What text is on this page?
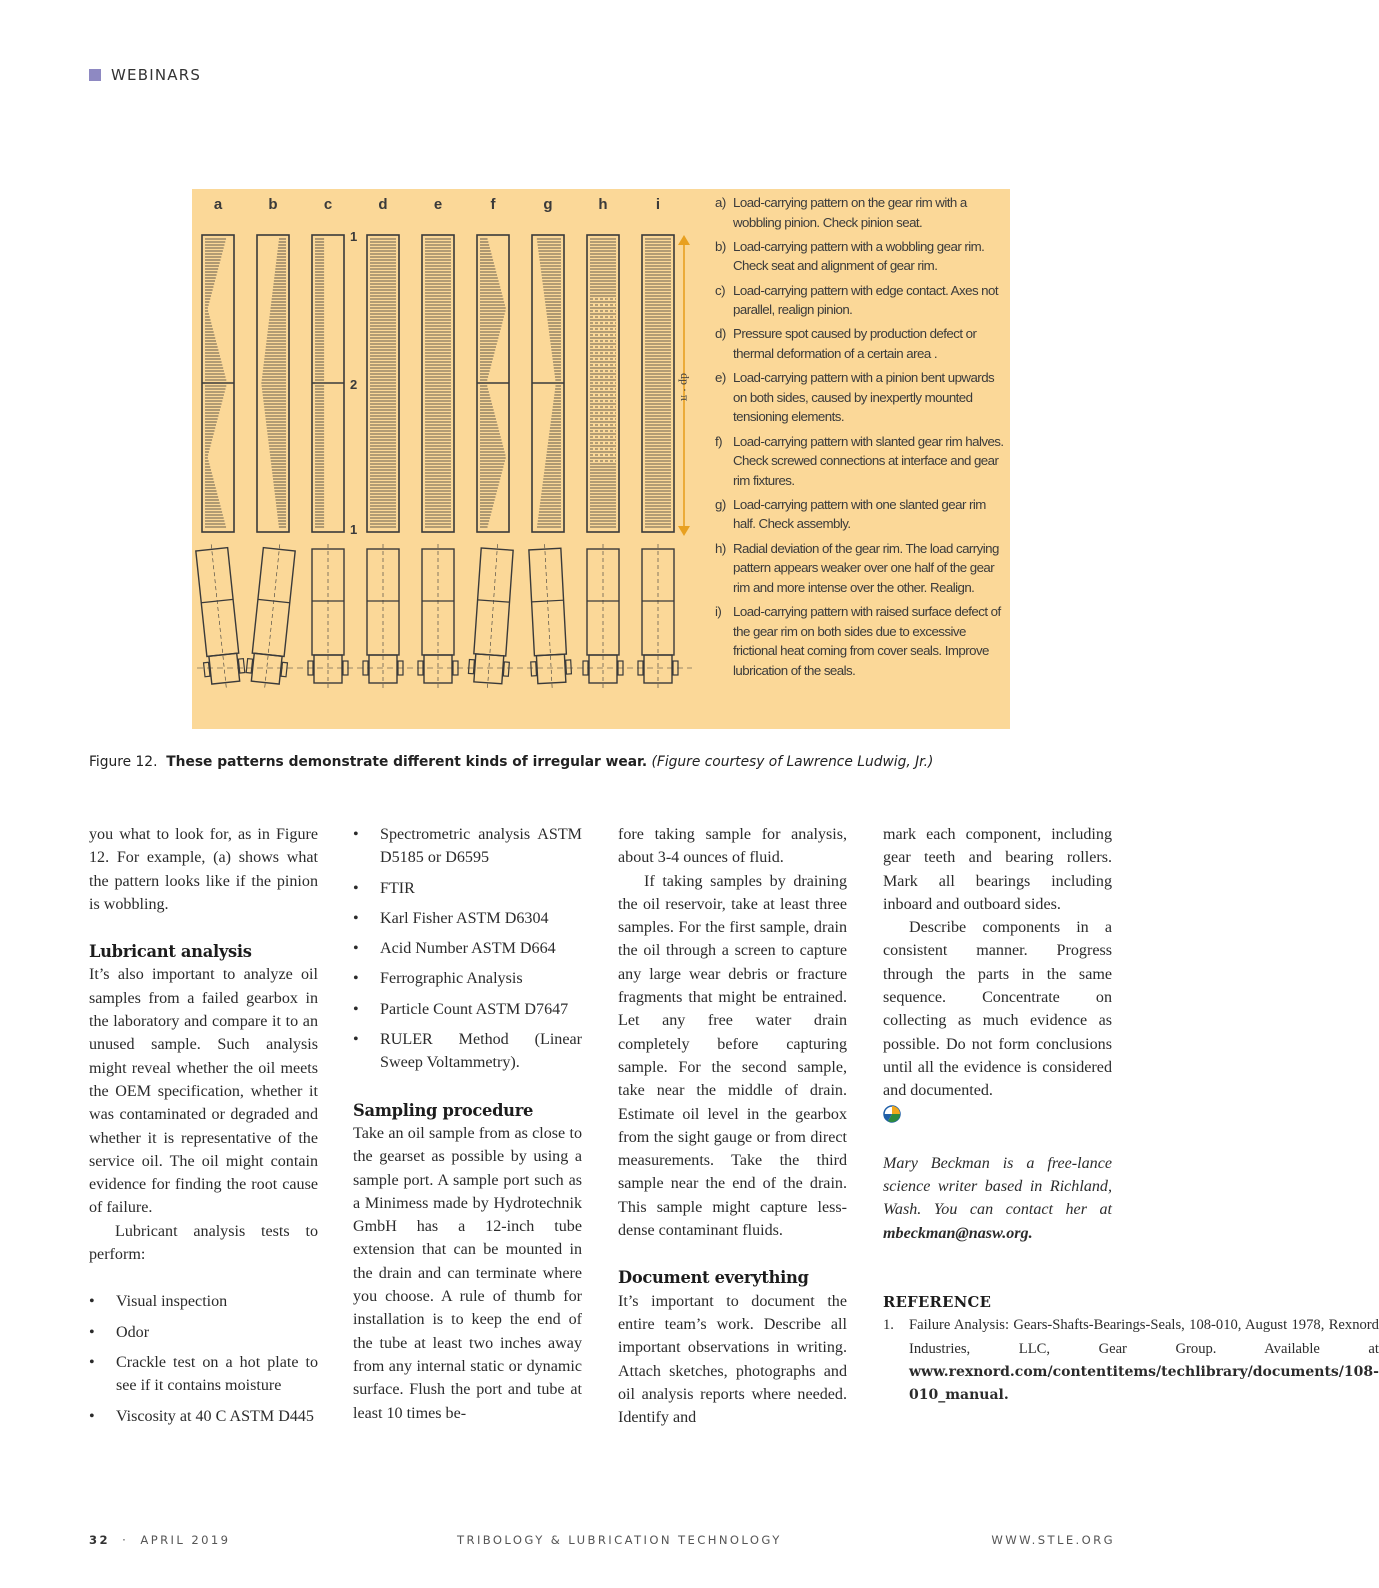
WEBINARS
a	b	c	d	e	f	g	h	i
1
2
1
dp · π
a) Load-carrying pattern on the gear rim with a wobbling pinion. Check pinion seat.
b) Load-carrying pattern with a wobbling gear rim. Check seat and alignment of gear rim.
c) Load-carrying pattern with edge contact. Axes not parallel, realign pinion.
d) Pressure spot caused by production defect or thermal deformation of a certain area .
e) Load-carrying pattern with a pinion bent upwards on both sides, caused by inexpertly mounted tensioning elements.
f) Load-carrying pattern with slanted gear rim halves. Check screwed connections at interface and gear rim fixtures.
g) Load-carrying pattern with one slanted gear rim half. Check assembly.
h) Radial deviation of the gear rim. The load carrying pattern appears weaker over one half of the gear rim and more intense over the other. Realign.
i) Load-carrying pattern with raised surface defect of the gear rim on both sides due to excessive frictional heat coming from cover seals. Improve lubrication of the seals.
Figure 12. These patterns demonstrate different kinds of irregular wear. (Figure courtesy of Lawrence Ludwig, Jr.)

you what to look for, as in Figure 12. For example, (a) shows what the pattern looks like if the pinion is wobbling.

Lubricant analysis

It’s also important to analyze oil samples from a failed gearbox in the laboratory and compare it to an unused sample. Such analysis might reveal whether the oil meets the OEM specification, whether it was contaminated or degraded and whether it is representative of the service oil. The oil might contain evidence for finding the root cause of failure.

Lubricant analysis tests to perform:

• Visual inspection
• Odor
• Crackle test on a hot plate to see if it contains moisture
• Viscosity at 40 C ASTM D445
• Spectrometric analysis ASTM D5185 or D6595
• FTIR
• Karl Fisher ASTM D6304
• Acid Number ASTM D664
• Ferrographic Analysis
• Particle Count ASTM D7647
• RULER Method (Linear Sweep Voltammetry).
Sampling procedure

Take an oil sample from as close to the gearset as possible by using a sample port. A sample port such as a Minimess made by Hydrotechnik GmbH has a 12-inch tube extension that can be mounted in the drain and can terminate where you choose. A rule of thumb for installation is to keep the end of the tube at least two inches away from any internal static or dynamic surface. Flush the port and tube at least 10 times be-

fore taking sample for analysis, about 3-4 ounces of fluid.

If taking samples by draining the oil reservoir, take at least three samples. For the first sample, drain the oil through a screen to capture any large wear debris or fracture fragments that might be entrained. Let any free water drain completely before capturing sample. For the second sample, take near the middle of drain. Estimate oil level in the gearbox from the sight gauge or from direct measurements. Take the third sample near the end of the drain. This sample might capture less-dense contaminant fluids.

Document everything

It’s important to document the entire team’s work. Describe all important observations in writing. Attach sketches, photographs and oil analysis reports where needed. Identify and

mark each component, including gear teeth and bearing rollers. Mark all bearings including inboard and outboard sides.

Describe components in a consistent manner. Progress through the parts in the same sequence. Concentrate on collecting as much evidence as possible. Do not form conclusions until all the evidence is considered and documented.

Mary Beckman is a free-lance science writer based in Richland, Wash. You can contact her at mbeckman@nasw.org.

REFERENCE
1.	Failure Analysis: Gears-Shafts-Bearings-Seals, 108-010, August 1978, Rexnord Industries, LLC, Gear Group. Available at www.rexnord.com/contentitems/techlibrary/documents/108-010_manual.
32  ·  APRIL 2019	TRIBOLOGY & LUBRICATION TECHNOLOGY	WWW.STLE.ORG
